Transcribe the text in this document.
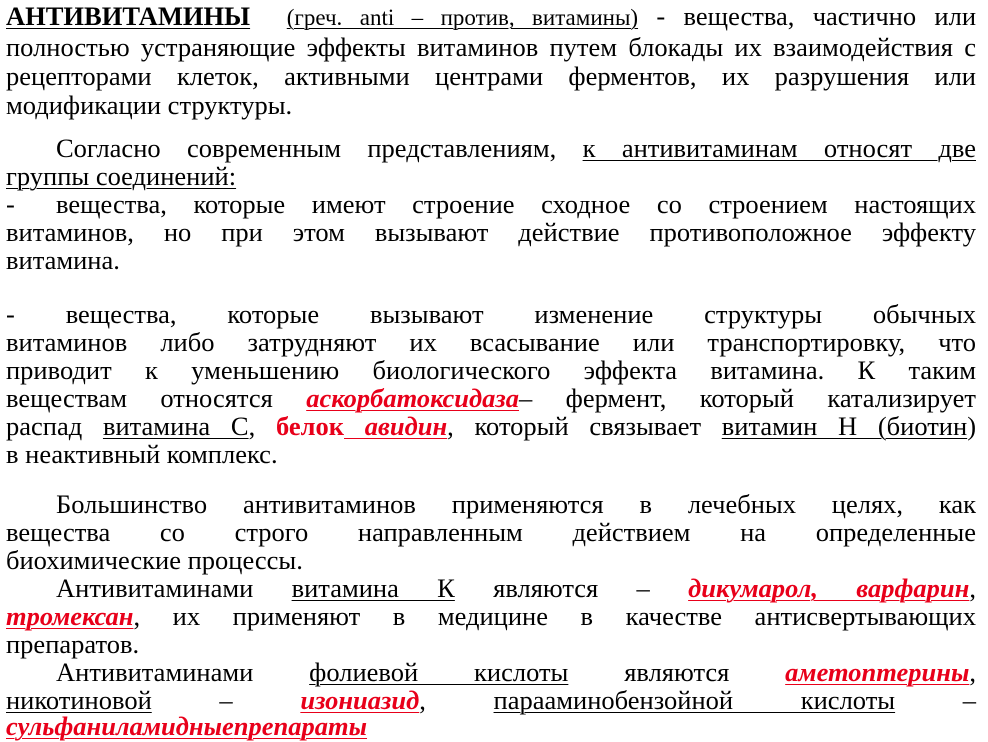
АНТИВИТАМИНЫ (греч. anti – против, витамины) - вещества, частично или
полностью устраняющие эффекты витаминов путем блокады их взаимодействия с
рецепторами клеток, активными центрами ферментов, их разрушения или
модификации структуры.
Согласно современным представлениям, к антивитаминам относят две
группы соединений:
- вещества, которые имеют строение сходное со строением настоящих
витаминов, но при этом вызывают действие противоположное эффекту
витамина.
- вещества, которые вызывают изменение структуры обычных
витаминов либо затрудняют их всасывание или транспортировку, что
приводит к уменьшению биологического эффекта витамина. К таким
веществам относятся аскорбатоксидаза– фермент, который катализирует
распад витамина С, белок авидин, который связывает витамин Н (биотин)
в неактивный комплекс.
Большинство антивитаминов применяются в лечебных целях, как
вещества со строго направленным действием на определенные
биохимические процессы.
Антивитаминами витамина К являются – дикумарол, варфарин,
тромексан, их применяют в медицине в качестве антисвертывающих
препаратов.
Антивитаминами фолиевой кислоты являются аметоптерины,
никотиновой – изониазид, парааминобензойной кислоты –
сульфаниламидныепрепараты
